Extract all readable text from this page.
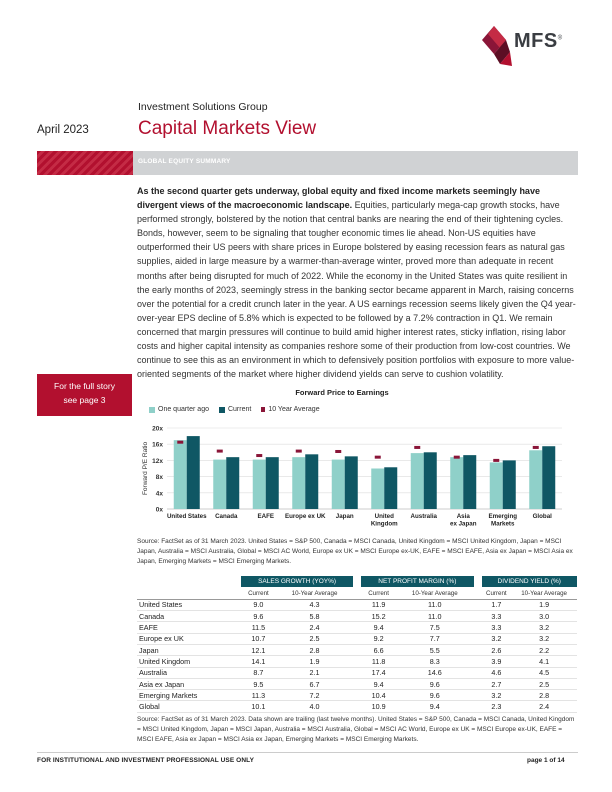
MFS®
Investment Solutions Group
April 2023	Capital Markets View
GLOBAL EQUITY SUMMARY
As the second quarter gets underway, global equity and fixed income markets seemingly have divergent views of the macroeconomic landscape. Equities, particularly mega-cap growth stocks, have performed strongly, bolstered by the notion that central banks are nearing the end of their tightening cycles. Bonds, however, seem to be signaling that tougher economic times lie ahead. Non-US equities have outperformed their US peers with share prices in Europe bolstered by easing recession fears as natural gas supplies, aided in large measure by a warmer-than-average winter, proved more than adequate in recent months after being disrupted for much of 2022. While the economy in the United States was quite resilient in the early months of 2023, seemingly stress in the banking sector became apparent in March, raising concerns over the potential for a credit crunch later in the year. A US earnings recession seems likely given the Q4 year-over-year EPS decline of 5.8% which is expected to be followed by a 7.2% contraction in Q1. We remain concerned that margin pressures will continue to build amid higher interest rates, sticky inflation, rising labor costs and higher capital intensity as companies reshore some of their production from low-cost countries. We continue to see this as an environment in which to defensively position portfolios with exposure to more value-oriented segments of the market where higher dividend yields can serve to cushion volatility.
For the full story
see page 3
Forward Price to Earnings
One quarter ago	Current 10 Year Average
0x
4x
8x
12x
16x
20x
Forward P/E Ratio
United States Canada	EAFE Europe ex UK Japan	United
Kingdom
Australia	Asia
ex Japan
Emerging
Markets
Global
Source: FactSet as of 31 March 2023. United States = S&P 500, Canada = MSCI Canada, United Kingdom = MSCI United Kingdom, Japan = MSCI Japan, Australia = MSCI Australia, Global = MSCI AC World, Europe ex UK = MSCI Europe ex-UK, EAFE = MSCI EAFE, Asia ex Japan = MSCI Asia ex Japan, Emerging Markets = MSCI Emerging Markets.
	SALES GROWTH (YOY%)			NET PROFIT MARGIN (%)			DIVIDEND YIELD (%)	
	Current	10-Year Average		Current	10-Year Average		Current	10-Year Average
United States	9.0	4.3		11.9	11.0		1.7	1.9
Canada	9.6	5.8		15.2	11.0		3.3	3.0
EAFE	11.5	2.4		9.4	7.5		3.3	3.2
Europe ex UK	10.7	2.5		9.2	7.7		3.2	3.2
Japan	12.1	2.8		6.6	5.5		2.6	2.2
United Kingdom	14.1	1.9		11.8	8.3		3.9	4.1
Australia	8.7	2.1		17.4	14.6		4.6	4.5
Asia ex Japan	9.5	6.7		9.4	9.6		2.7	2.5
Emerging Markets	11.3	7.2		10.4	9.6		3.2	2.8
Global	10.1	4.0		10.9	9.4		2.3	2.4
Source: FactSet as of 31 March 2023. Data shown are trailing (last twelve months). United States = S&P 500, Canada = MSCI Canada, United Kingdom = MSCI United Kingdom, Japan = MSCI Japan, Australia = MSCI Australia, Global = MSCI AC World, Europe ex UK = MSCI Europe ex-UK, EAFE = MSCI EAFE, Asia ex Japan = MSCI Asia ex Japan, Emerging Markets = MSCI Emerging Markets.
FOR INSTITUTIONAL AND INVESTMENT PROFESSIONAL USE ONLY	page 1 of 14
